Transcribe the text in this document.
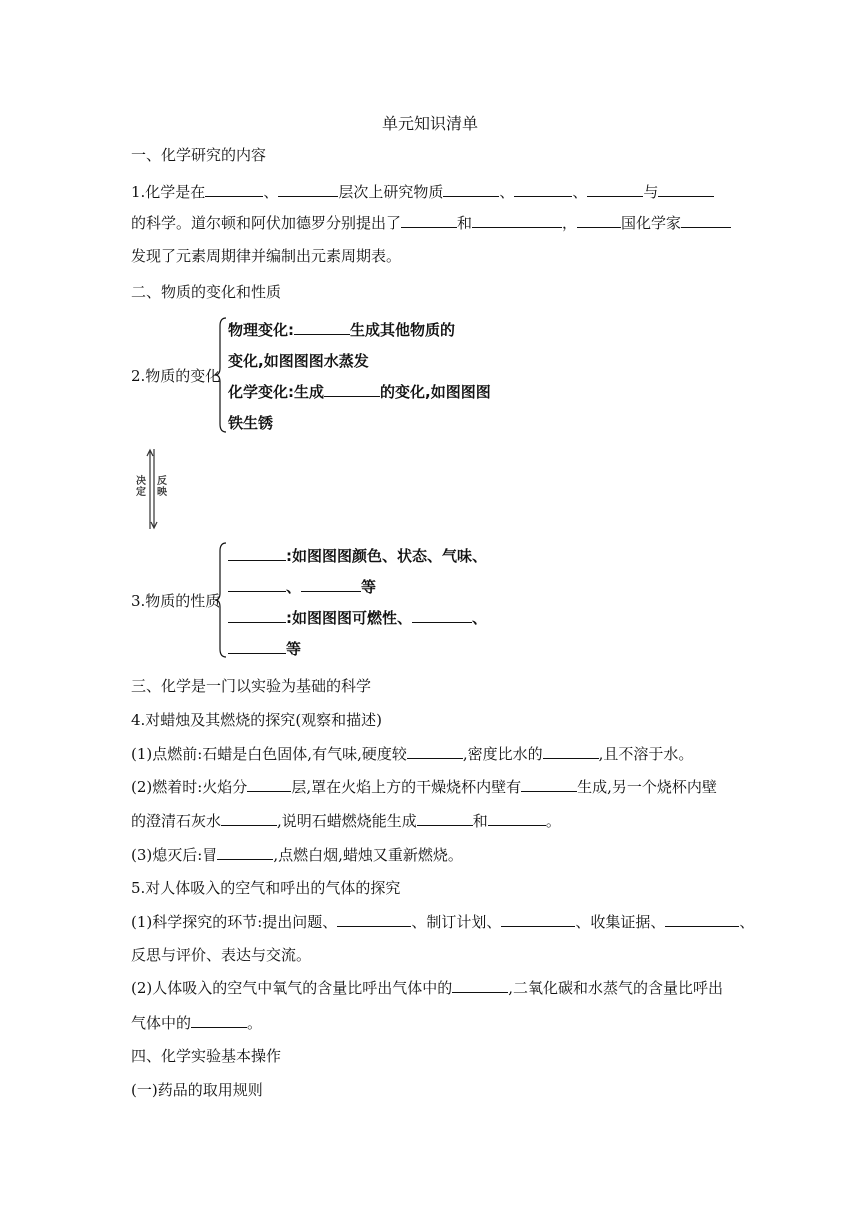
单元知识清单
一、化学研究的内容
1.化学是在	、	层次上研究物质	、	、	与
的科学。道尔顿和阿伏加德罗分别提出了	和	，	国化学家
发现了元素周期律并编制出元素周期表。
二、物质的变化和性质
2.物质的变化
物理变化:	生成其他物质的
变化,如图图图水蒸发
化学变化:生成	的变化,如图图图
铁生锈
决定
反映
3.物质的性质
:如图图图颜色、状态、气味、
、	等
:如图图图可燃性、	、
等
三、化学是一门以实验为基础的科学
4.对蜡烛及其燃烧的探究(观察和描述)
(1)点燃前:石蜡是白色固体,有气味,硬度较	,密度比水的	,且不溶于水。
(2)燃着时:火焰分	层,罩在火焰上方的干燥烧杯内壁有	生成,另一个烧杯内壁
的澄清石灰水	,说明石蜡燃烧能生成	和	。
(3)熄灭后:冒	,点燃白烟,蜡烛又重新燃烧。
5.对人体吸入的空气和呼出的气体的探究
(1)科学探究的环节:提出问题、	、制订计划、	、收集证据、	、
反思与评价、表达与交流。
(2)人体吸入的空气中氧气的含量比呼出气体中的	,二氧化碳和水蒸气的含量比呼出
气体中的	。
四、化学实验基本操作
(一)药品的取用规则
